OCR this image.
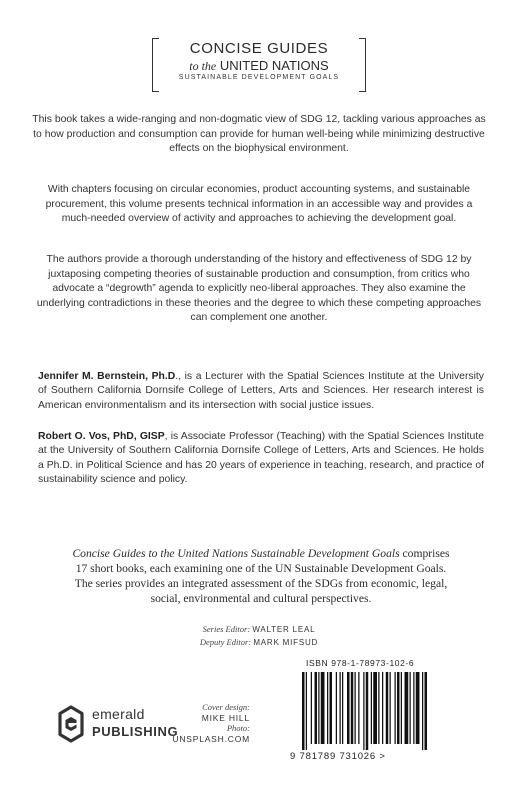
CONCISE GUIDES
to the UNITED NATIONS
SUSTAINABLE DEVELOPMENT GOALS
This book takes a wide-ranging and non-dogmatic view of SDG 12, tackling various approaches as to how production and consumption can provide for human well-being while minimizing destructive effects on the biophysical environment.
With chapters focusing on circular economies, product accounting systems, and sustainable procurement, this volume presents technical information in an accessible way and provides a much-needed overview of activity and approaches to achieving the development goal.
The authors provide a thorough understanding of the history and effectiveness of SDG 12 by juxtaposing competing theories of sustainable production and consumption, from critics who advocate a “degrowth” agenda to explicitly neo-liberal approaches. They also examine the underlying contradictions in these theories and the degree to which these competing approaches can complement one another.
Jennifer M. Bernstein, Ph.D., is a Lecturer with the Spatial Sciences Institute at the University of Southern California Dornsife College of Letters, Arts and Sciences. Her research interest is American environmentalism and its intersection with social justice issues.
Robert O. Vos, PhD, GISP, is Associate Professor (Teaching) with the Spatial Sciences Institute at the University of Southern California Dornsife College of Letters, Arts and Sciences. He holds a Ph.D. in Political Science and has 20 years of experience in teaching, research, and practice of sustainability science and policy.
Concise Guides to the United Nations Sustainable Development Goals comprises 17 short books, each examining one of the UN Sustainable Development Goals. The series provides an integrated assessment of the SDGs from economic, legal, social, environmental and cultural perspectives.
Series Editor: WALTER LEAL
Deputy Editor: MARK MIFSUD
emerald
PUBLISHING
Cover design:
MIKE HILL
Photo:
UNSPLASH.COM
ISBN 978-1-78973-102-6
9 781789 731026 >
